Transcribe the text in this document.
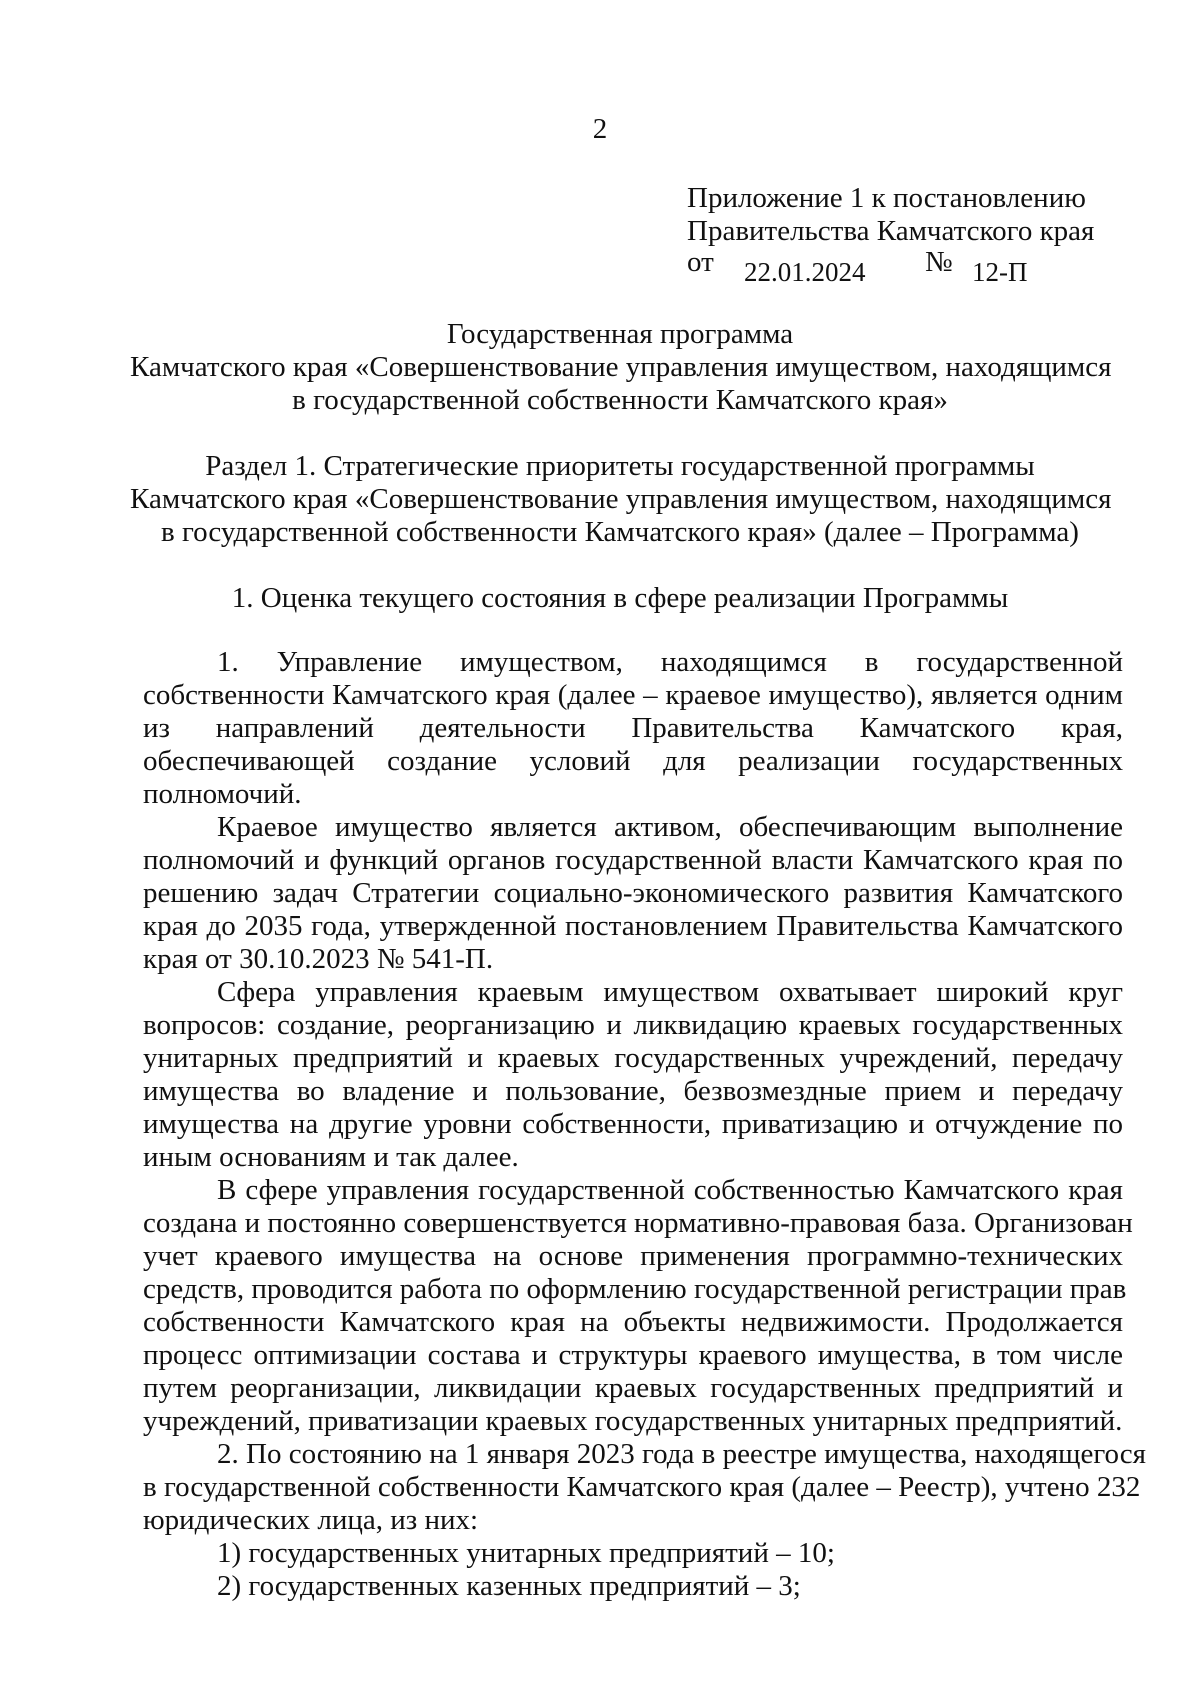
2
Приложение 1 к постановлению
Правительства Камчатского края
от 22.01.2024 № 12-П
Государственная программа
Камчатского края «Совершенствование управления имуществом, находящимся
в государственной собственности Камчатского края»
Раздел 1. Стратегические приоритеты государственной программы
Камчатского края «Совершенствование управления имуществом, находящимся
в государственной собственности Камчатского края» (далее – Программа)
1. Оценка текущего состояния в сфере реализации Программы
1. Управление имуществом, находящимся в государственной
собственности Камчатского края (далее – краевое имущество), является одним
из направлений деятельности Правительства Камчатского края,
обеспечивающей создание условий для реализации государственных
полномочий.
Краевое имущество является активом, обеспечивающим выполнение
полномочий и функций органов государственной власти Камчатского края по
решению задач Стратегии социально-экономического развития Камчатского
края до 2035 года, утвержденной постановлением Правительства Камчатского
края от 30.10.2023 № 541-П.
Сфера управления краевым имуществом охватывает широкий круг
вопросов: создание, реорганизацию и ликвидацию краевых государственных
унитарных предприятий и краевых государственных учреждений, передачу
имущества во владение и пользование, безвозмездные прием и передачу
имущества на другие уровни собственности, приватизацию и отчуждение по
иным основаниям и так далее.
В сфере управления государственной собственностью Камчатского края
создана и постоянно совершенствуется нормативно-правовая база. Организован
учет краевого имущества на основе применения программно-технических
средств, проводится работа по оформлению государственной регистрации прав
собственности Камчатского края на объекты недвижимости. Продолжается
процесс оптимизации состава и структуры краевого имущества, в том числе
путем реорганизации, ликвидации краевых государственных предприятий и
учреждений, приватизации краевых государственных унитарных предприятий.
2. По состоянию на 1 января 2023 года в реестре имущества, находящегося
в государственной собственности Камчатского края (далее – Реестр), учтено 232
юридических лица, из них:
1) государственных унитарных предприятий – 10;
2) государственных казенных предприятий – 3;
